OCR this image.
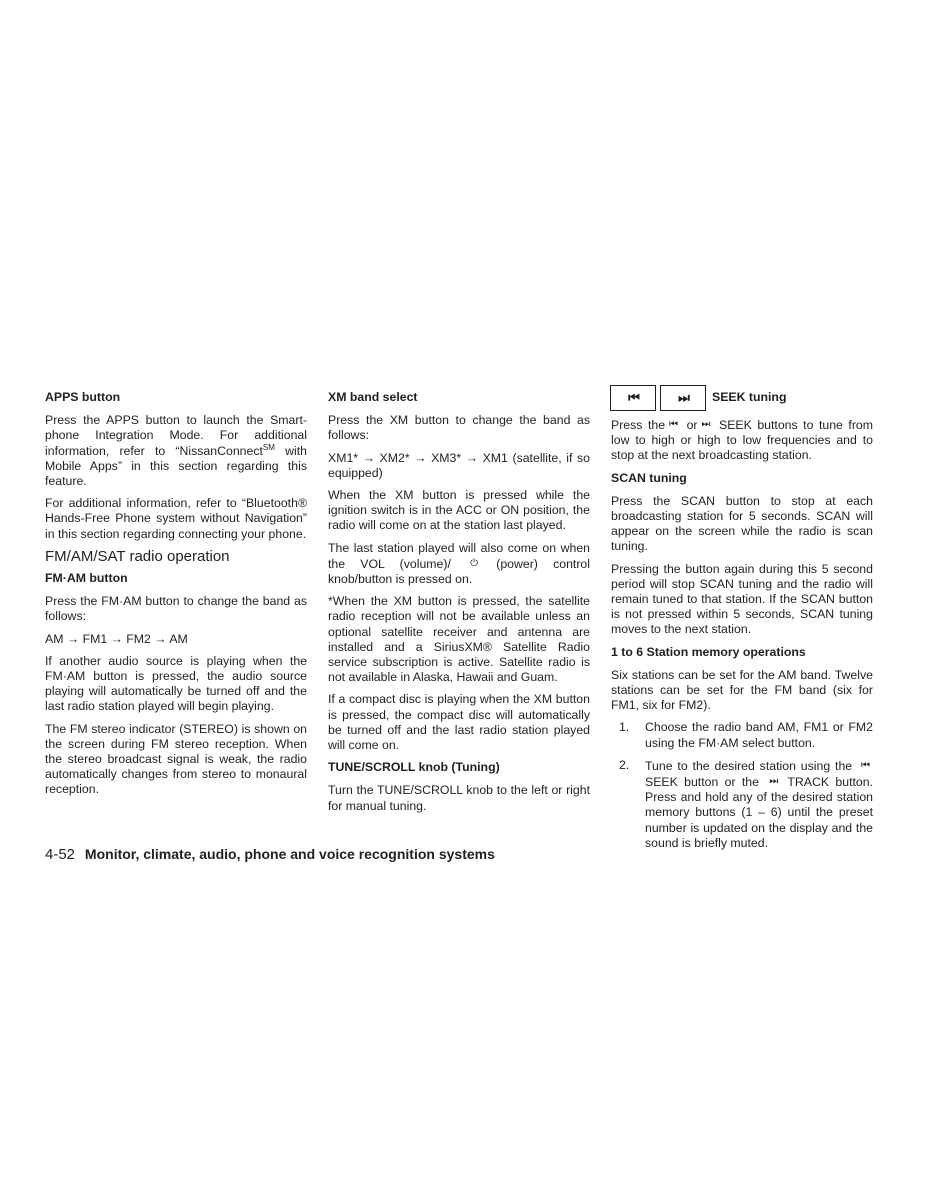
APPS button

Press the APPS button to launch the Smart-phone Integration Mode. For additional information, refer to “NissanConnect℠ with Mobile Apps” in this section regarding this feature.

For additional information, refer to “Bluetooth® Hands-Free Phone system without Navigation” in this section regarding connecting your phone.

FM/AM/SAT radio operation
FM·AM button

Press the FM·AM button to change the band as follows:

AM → FM1 → FM2 → AM

If another audio source is playing when the FM·AM button is pressed, the audio source playing will automatically be turned off and the last radio station played will begin playing.

The FM stereo indicator (STEREO) is shown on the screen during FM stereo reception. When the stereo broadcast signal is weak, the radio automatically changes from stereo to monaural reception.

XM band select

Press the XM button to change the band as follows:

XM1* → XM2* → XM3* → XM1 (satellite, if so equipped)

When the XM button is pressed while the ignition switch is in the ACC or ON position, the radio will come on at the station last played.

The last station played will also come on when the VOL (volume)/ ⏻ (power) control knob/button is pressed on.

*When the XM button is pressed, the satellite radio reception will not be available unless an optional satellite receiver and antenna are installed and a SiriusXM® Satellite Radio service subscription is active. Satellite radio is not available in Alaska, Hawaii and Guam.

If a compact disc is playing when the XM button is pressed, the compact disc will automatically be turned off and the last radio station played will come on.

TUNE/SCROLL knob (Tuning)

Turn the TUNE/SCROLL knob to the left or right for manual tuning.

⏮	⏭	SEEK tuning

Press the ⏮ or ⏭ SEEK buttons to tune from low to high or high to low frequencies and to stop at the next broadcasting station.

SCAN tuning

Press the SCAN button to stop at each broadcasting station for 5 seconds. SCAN will appear on the screen while the radio is scan tuning.

Pressing the button again during this 5 second period will stop SCAN tuning and the radio will remain tuned to that station. If the SCAN button is not pressed within 5 seconds, SCAN tuning moves to the next station.

1 to 6 Station memory operations

Six stations can be set for the AM band. Twelve stations can be set for the FM band (six for FM1, six for FM2).

1.	Choose the radio band AM, FM1 or FM2 using the FM·AM select button.
2.	Tune to the desired station using the ⏮ SEEK button or the ⏭ TRACK button. Press and hold any of the desired station memory buttons (1 – 6) until the preset number is updated on the display and the sound is briefly muted.
4-52 Monitor, climate, audio, phone and voice recognition systems
